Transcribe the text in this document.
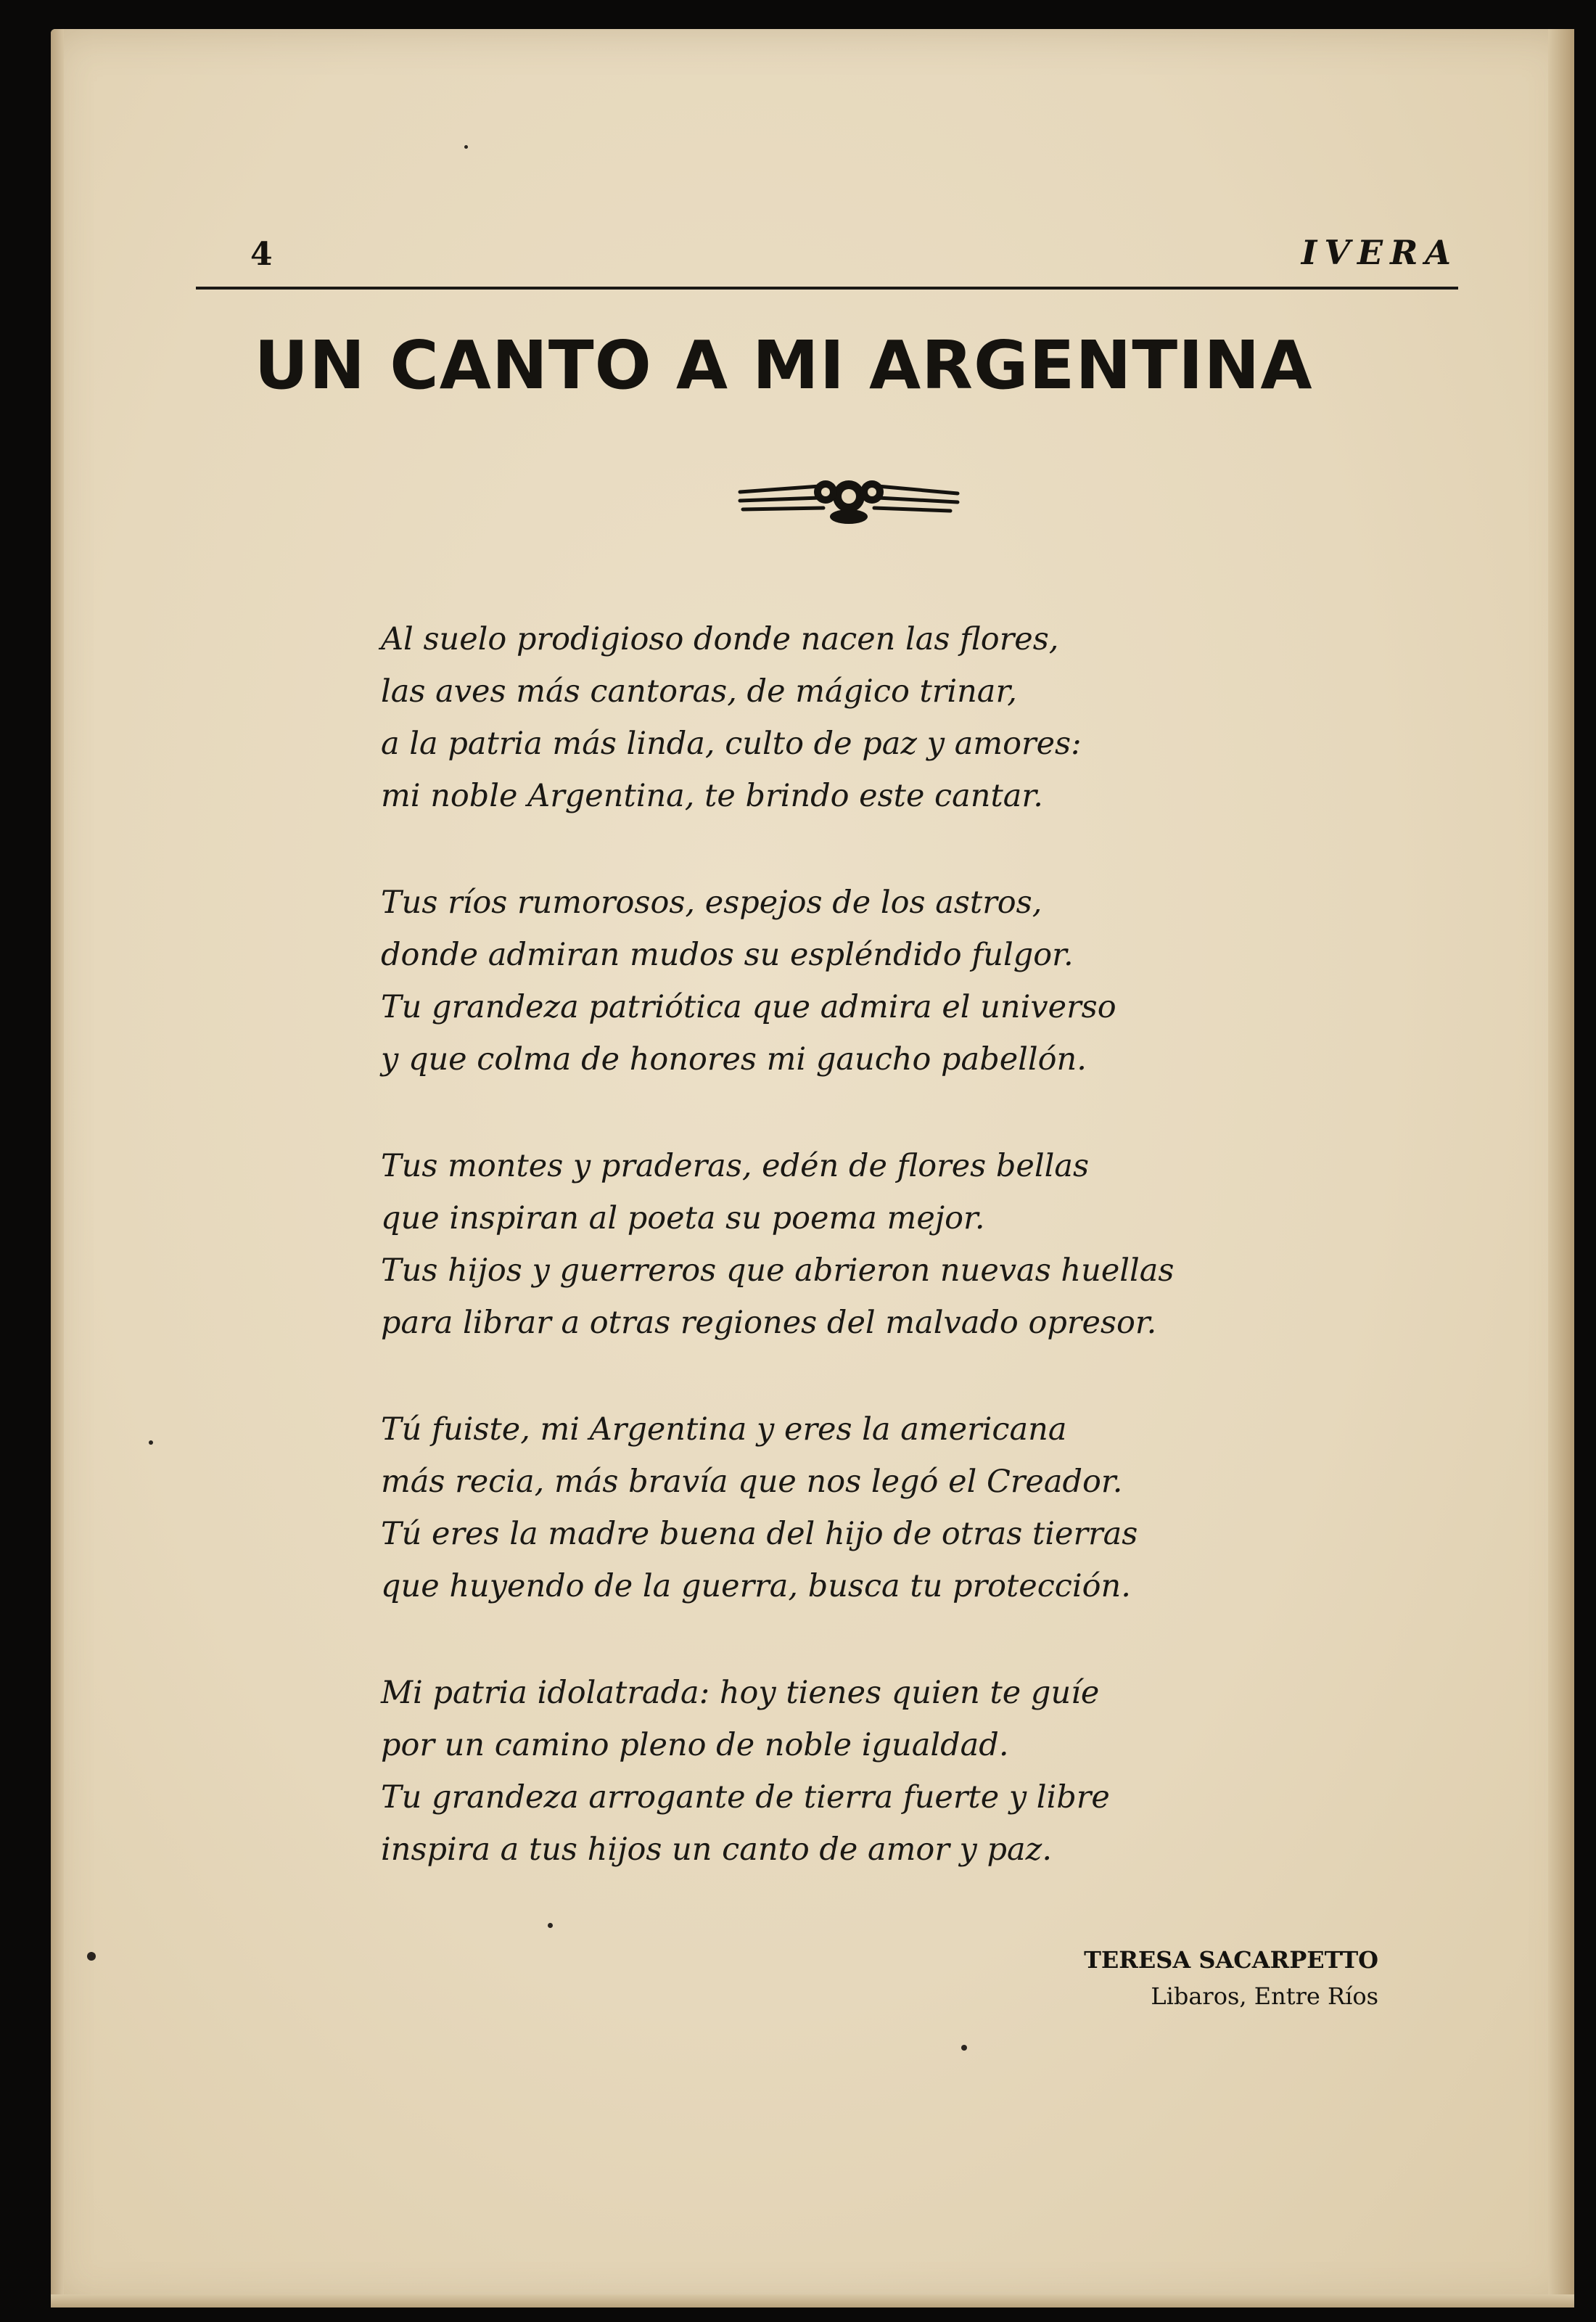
4	IVERA
UN CANTO A MI ARGENTINA
Al suelo prodigioso donde nacen las flores,
las aves más cantoras, de mágico trinar,
a la patria más linda, culto de paz y amores:
mi noble Argentina, te brindo este cantar.
Tus ríos rumorosos, espejos de los astros,
donde admiran mudos su espléndido fulgor.
Tu grandeza patriótica que admira el universo
y que colma de honores mi gaucho pabellón.
Tus montes y praderas, edén de flores bellas
que inspiran al poeta su poema mejor.
Tus hijos y guerreros que abrieron nuevas huellas
para librar a otras regiones del malvado opresor.
Tú fuiste, mi Argentina y eres la americana
más recia, más bravía que nos legó el Creador.
Tú eres la madre buena del hijo de otras tierras
que huyendo de la guerra, busca tu protección.
Mi patria idolatrada: hoy tienes quien te guíe
por un camino pleno de noble igualdad.
Tu grandeza arrogante de tierra fuerte y libre
inspira a tus hijos un canto de amor y paz.
TERESA SACARPETTO
Libaros, Entre Ríos
